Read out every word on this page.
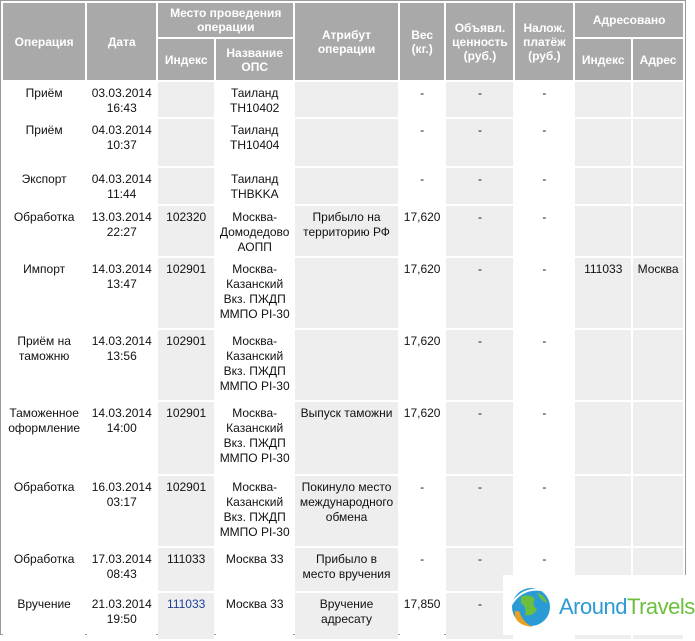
Операция	Дата	Место проведения операции		Атрибут операции	Вес (кг.)	Объявл. ценность (руб.)	Налож. платёж (руб.)	Адресовано	
		Индекс	Название ОПС					Индекс	Адрес
Приём	03.03.2014
16:43		Таиланд
TH10402		-	-	-		
Приём	04.03.2014
10:37		Таиланд
TH10404		-	-	-		
Экспорт	04.03.2014
11:44		Таиланд
THBKKA		-	-	-		
Обработка	13.03.2014
22:27	102320	Москва-
Домодедово
АОПП	Прибыло на
территорию РФ	17,620	-	-		
Импорт	14.03.2014
13:47	102901	Москва-
Казанский
Вкз. ПЖДП
ММПО PI-30		17,620	-	-	111033	Москва
Приём на
таможню	14.03.2014
13:56	102901	Москва-
Казанский
Вкз. ПЖДП
ММПО PI-30		17,620	-	-		
Таможенное
оформление	14.03.2014
14:00	102901	Москва-
Казанский
Вкз. ПЖДП
ММПО PI-30	Выпуск таможни	17,620	-	-		
Обработка	16.03.2014
03:17	102901	Москва-
Казанский
Вкз. ПЖДП
ММПО PI-30	Покинуло место
международного
обмена	-	-	-		
Обработка	17.03.2014
08:43	111033	Москва 33	Прибыло в
место вручения	-	-	-		
Вручение	21.03.2014
19:50	111033	Москва 33	Вручение
адресату	17,850	-				AroundTravels
